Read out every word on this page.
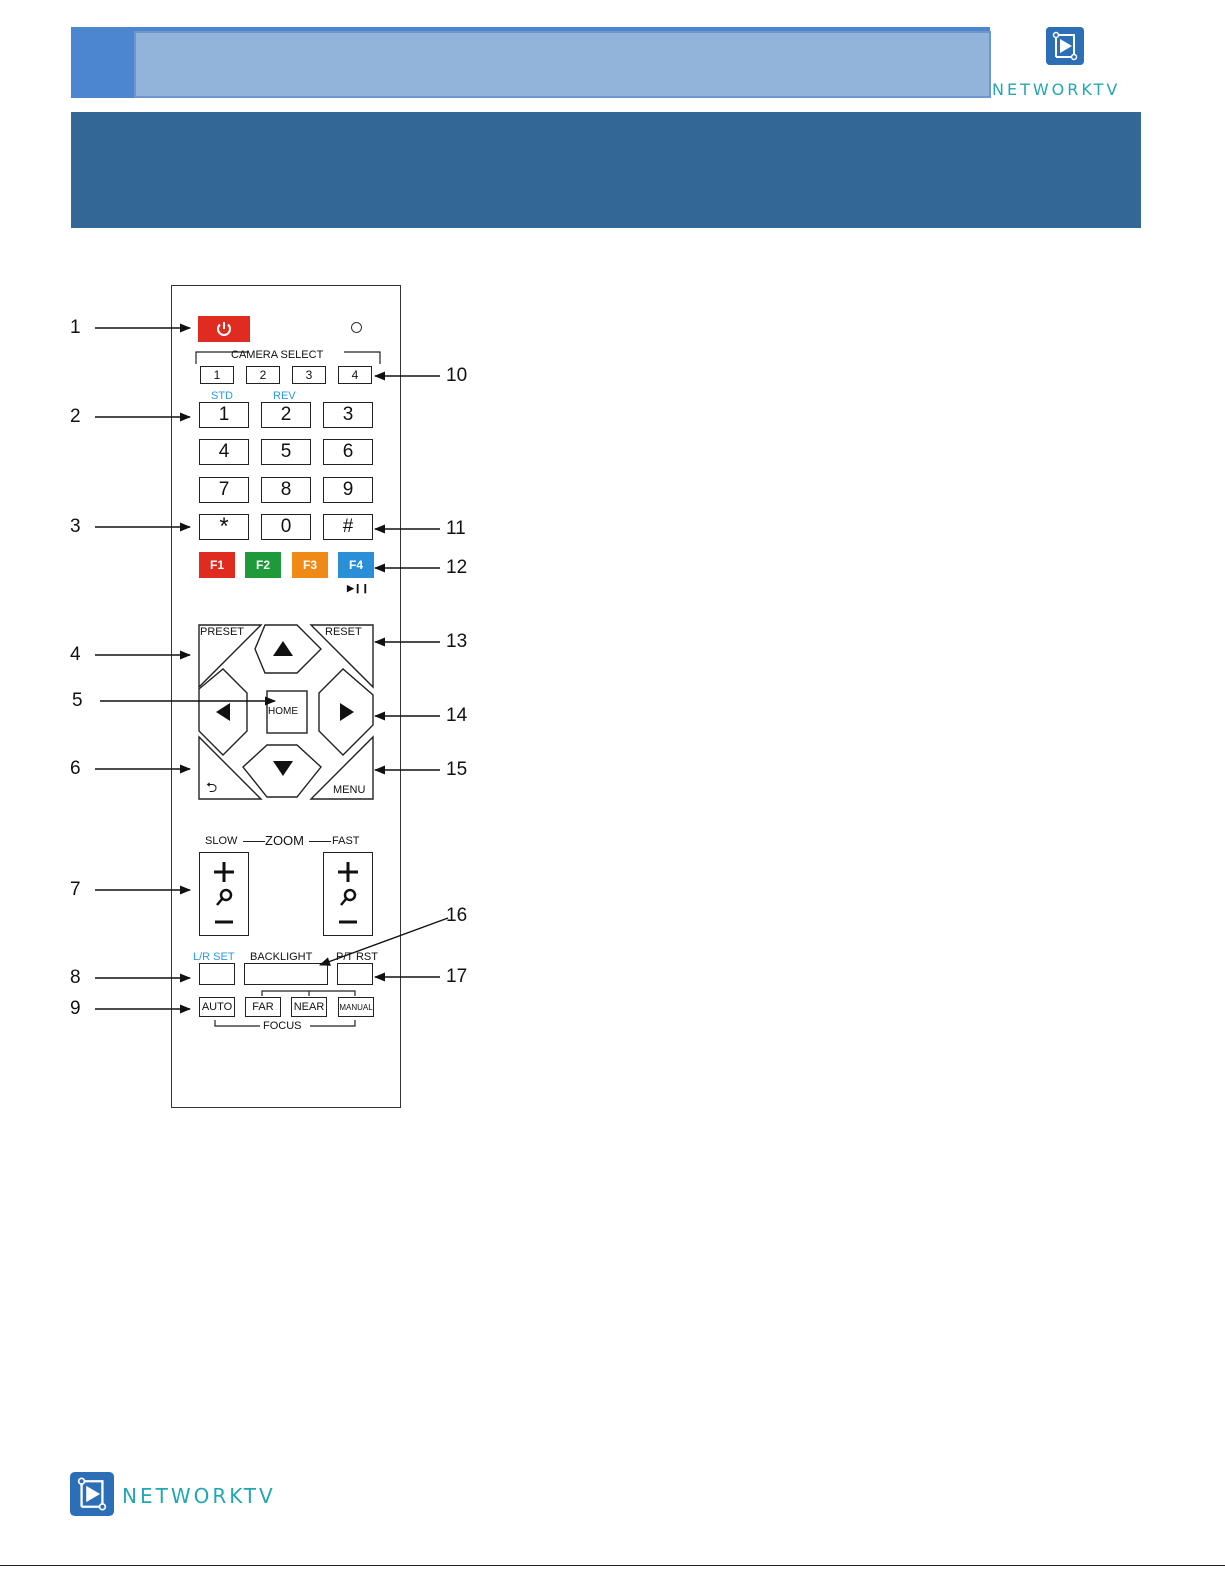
NETWORKTV
CAMERA SELECT
1	2	3	4
STD	REV
1	2	3
4	5	6
7	8	9
*	0	#
F1	F2	F3	F4
▶❙❙
PRESET	RESET
HOME
⮌	MENU
SLOW ZOOM	FAST
L/R SET BACKLIGHT P/T RST
AUTO	FAR	NEAR	MANUAL
FOCUS
1
2
3
4
5
6
7
8
9
10
11
12
13
14
15
16
17
NETWORKTV
